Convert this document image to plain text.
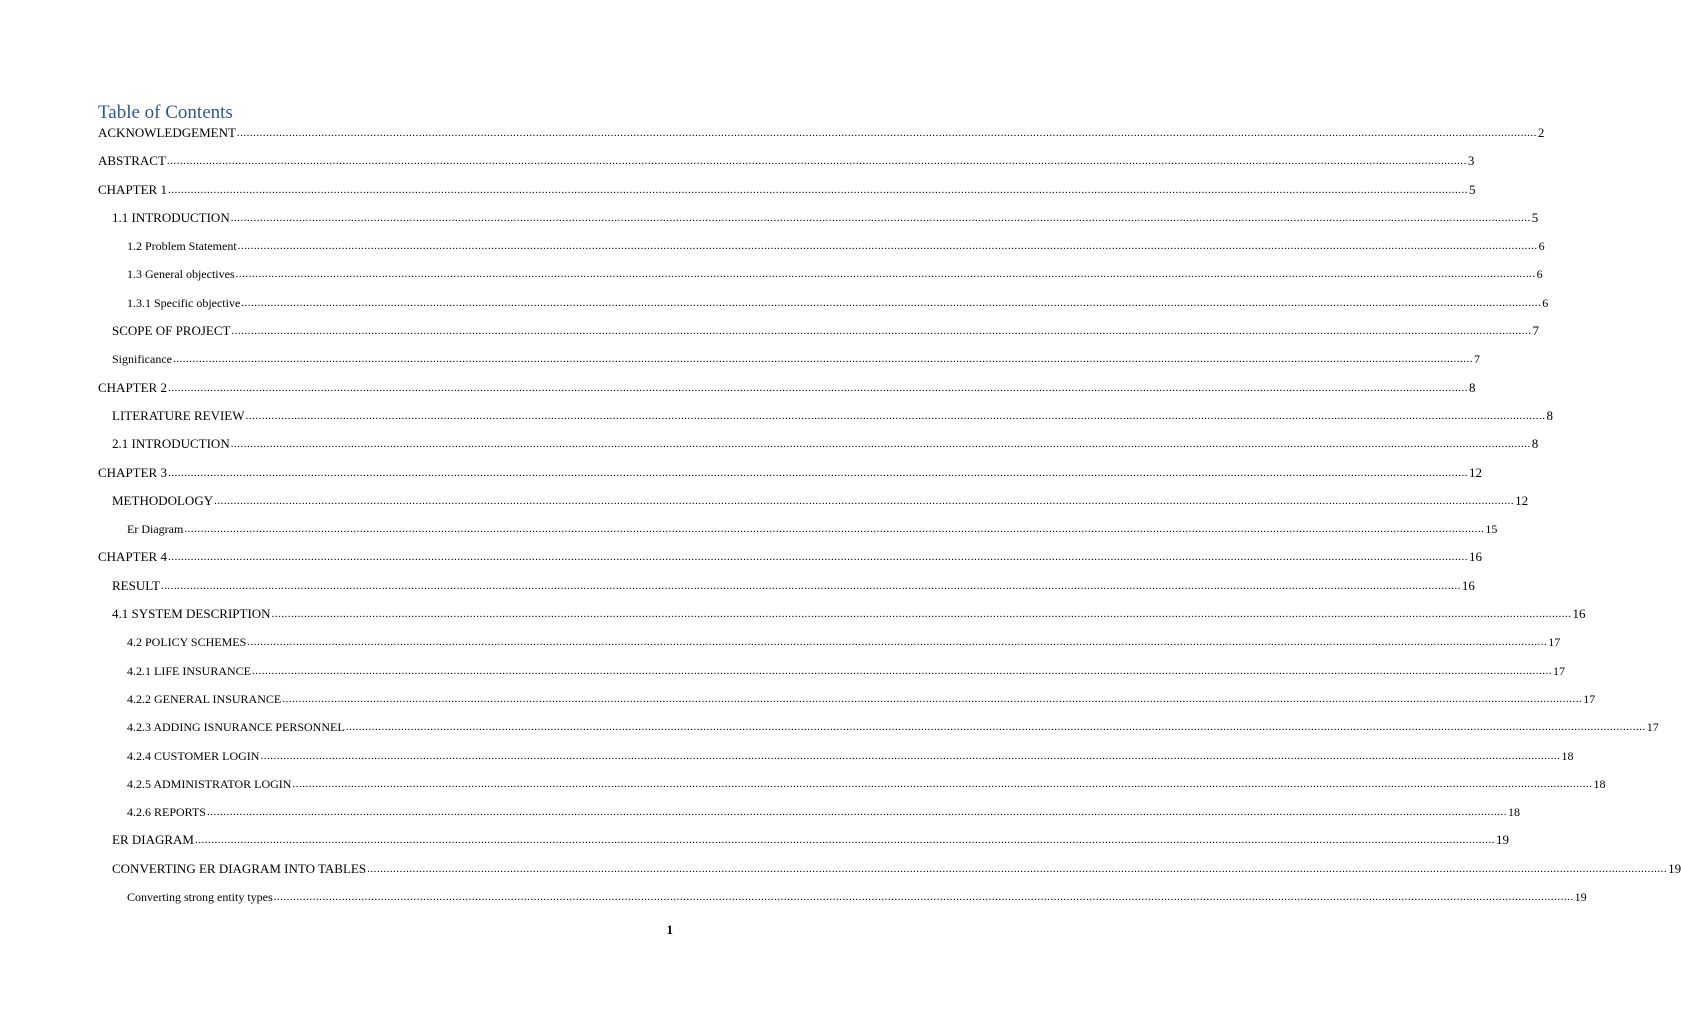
Table of Contents
ACKNOWLEDGEMENT ................................................................................................................................................................................................................................................................................................................................................................................................................ 2
ABSTRACT ................................................................................................................................................................................................................................................................................................................................................................................................................ 3
CHAPTER 1 ................................................................................................................................................................................................................................................................................................................................................................................................................ 5
1.1 INTRODUCTION ................................................................................................................................................................................................................................................................................................................................................................................................................ 5
1.2 Problem Statement ................................................................................................................................................................................................................................................................................................................................................................................................................ 6
1.3 General objectives ................................................................................................................................................................................................................................................................................................................................................................................................................ 6
1.3.1 Specific objective ................................................................................................................................................................................................................................................................................................................................................................................................................ 6
SCOPE OF PROJECT ................................................................................................................................................................................................................................................................................................................................................................................................................ 7
Significance ................................................................................................................................................................................................................................................................................................................................................................................................................ 7
CHAPTER 2 ................................................................................................................................................................................................................................................................................................................................................................................................................ 8
LITERATURE REVIEW ................................................................................................................................................................................................................................................................................................................................................................................................................ 8
2.1 INTRODUCTION ................................................................................................................................................................................................................................................................................................................................................................................................................ 8
CHAPTER 3 ................................................................................................................................................................................................................................................................................................................................................................................................................ 12
METHODOLOGY ................................................................................................................................................................................................................................................................................................................................................................................................................ 12
Er Diagram ................................................................................................................................................................................................................................................................................................................................................................................................................ 15
CHAPTER 4 ................................................................................................................................................................................................................................................................................................................................................................................................................ 16
RESULT ................................................................................................................................................................................................................................................................................................................................................................................................................ 16
4.1 SYSTEM DESCRIPTION ................................................................................................................................................................................................................................................................................................................................................................................................................ 16
4.2 POLICY SCHEMES ................................................................................................................................................................................................................................................................................................................................................................................................................ 17
4.2.1 LIFE INSURANCE ................................................................................................................................................................................................................................................................................................................................................................................................................ 17
4.2.2 GENERAL INSURANCE ................................................................................................................................................................................................................................................................................................................................................................................................................ 17
4.2.3 ADDING ISNURANCE PERSONNEL ................................................................................................................................................................................................................................................................................................................................................................................................................ 17
4.2.4 CUSTOMER LOGIN ................................................................................................................................................................................................................................................................................................................................................................................................................ 18
4.2.5 ADMINISTRATOR LOGIN ................................................................................................................................................................................................................................................................................................................................................................................................................ 18
4.2.6 REPORTS ................................................................................................................................................................................................................................................................................................................................................................................................................ 18
ER DIAGRAM ................................................................................................................................................................................................................................................................................................................................................................................................................ 19
CONVERTING ER DIAGRAM INTO TABLES ................................................................................................................................................................................................................................................................................................................................................................................................................ 19
Converting strong entity types ................................................................................................................................................................................................................................................................................................................................................................................................................ 19
1
